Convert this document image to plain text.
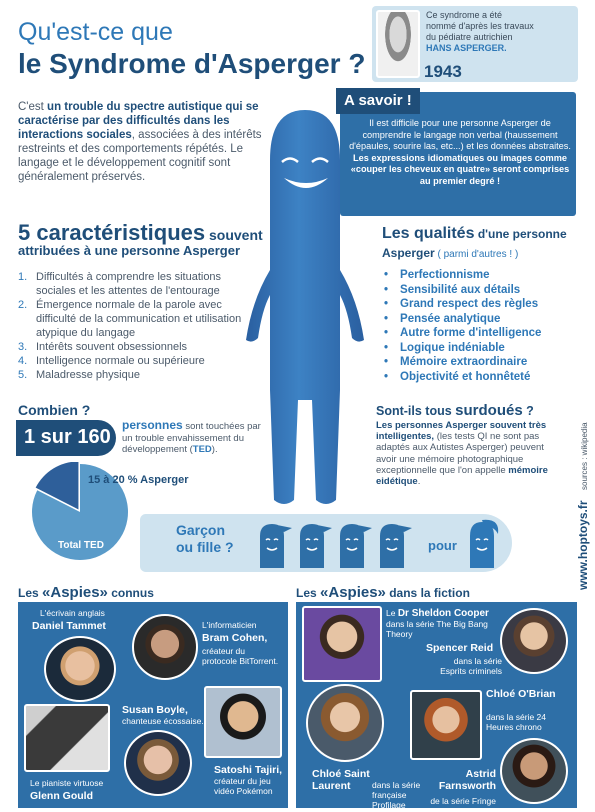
Qu'est-ce que
le Syndrome d'Asperger ?
Ce syndrome a été
nommé d'après les travaux
du pédiatre autrichien
HANS ASPERGER.
1943
C'est un trouble du spectre autistique qui se caractérise par des difficultés dans les interactions sociales, associées à des intérêts restreints et des comportements répétés. Le langage et le développement cognitif sont généralement préservés.
A savoir !
Il est difficile pour une personne Asperger de comprendre le langage non verbal (haussement d'épaules, sourire las, etc...) et les données abstraites. Les expressions idiomatiques ou images comme «couper les cheveux en quatre» seront comprises au premier degré !
5 caractéristiques souvent
attribuées à une personne Asperger
1. Difficultés à comprendre les situations sociales et les attentes de l'entourage
2. Émergence normale de la parole avec difficulté de la communication et utilisation atypique du langage
3. Intérêts souvent obsessionnels
4. Intelligence normale ou supérieure
5. Maladresse physique
Les qualités d'une personne
Asperger ( parmi d'autres ! )
• Perfectionnisme
• Sensibilité aux détails
• Grand respect des règles
• Pensée analytique
• Autre forme d'intelligence
• Logique indéniable
• Mémoire extraordinaire
• Objectivité et honnêteté
Combien ?
1 sur 160
personnes sont touchées par un trouble envahissement du développement (TED).
15 à 20 % Asperger
Total TED
Sont-ils tous surdoués ?
Les personnes Asperger souvent très intelligentes, (les tests QI ne sont pas adaptés aux Autistes Asperger) peuvent avoir une mémoire photographique exceptionnelle que l'on appelle mémoire eidétique.	sources : wikipedia
www.hoptoys.fr
Garçon
ou fille ?	pour
Les «Aspies» connus
L'écrivain anglais
Daniel Tammet	L'informaticien
Bram Cohen,
créateur du protocole BitTorrent.
Susan Boyle,
chanteuse écossaise.
Le pianiste virtuose
Glenn Gould
Satoshi Tajiri,
créateur du jeu vidéo Pokémon
Les «Aspies» dans la fiction
Le Dr Sheldon Cooper
dans la série The Big Bang Theory
Spencer Reid
dans la série Esprits criminels
Chloé O'Brian
dans la série 24 Heures chrono
Chloé Saint Laurent	dans la série française Profilage
Astrid Farnsworth
de la série Fringe
